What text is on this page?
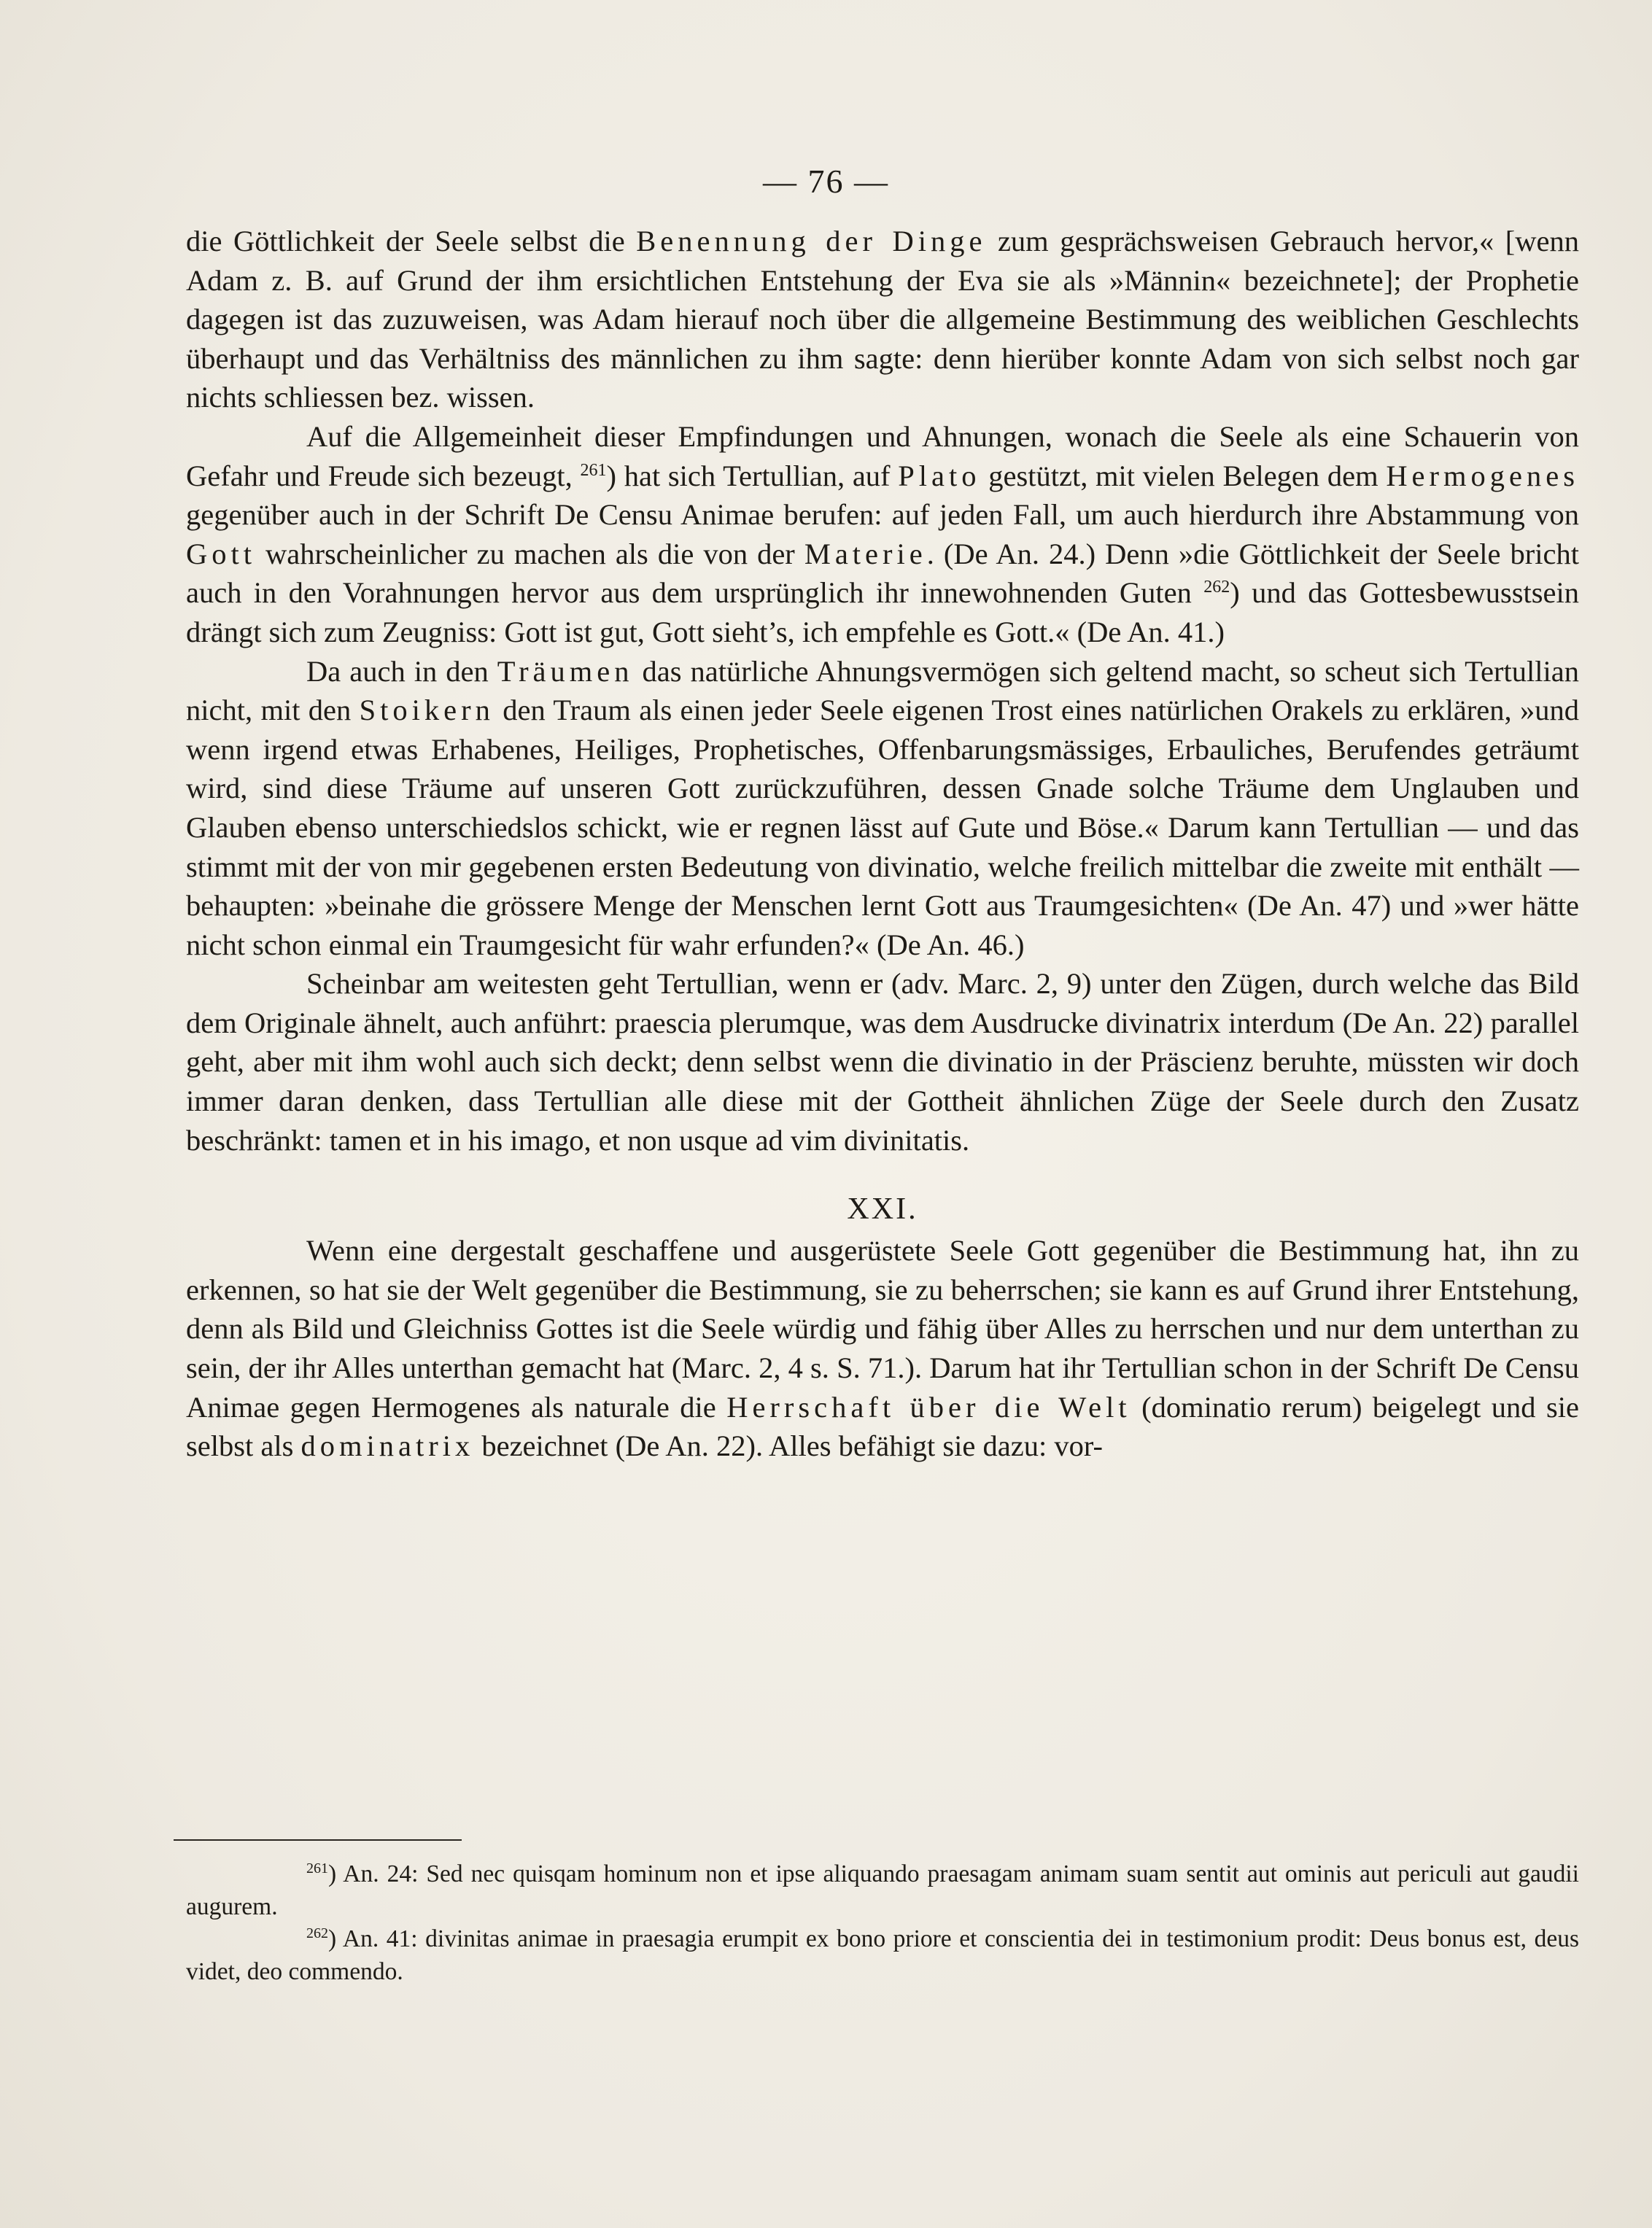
— 76 —

die Göttlichkeit der Seele selbst die Benennung der Dinge zum gesprächsweisen Gebrauch hervor,« [wenn Adam z. B. auf Grund der ihm ersichtlichen Entstehung der Eva sie als »Männin« bezeichnete]; der Prophetie dagegen ist das zuzuweisen, was Adam hierauf noch über die allgemeine Bestimmung des weiblichen Geschlechts überhaupt und das Verhältniss des männlichen zu ihm sagte: denn hierüber konnte Adam von sich selbst noch gar nichts schliessen bez. wissen.

Auf die Allgemeinheit dieser Empfindungen und Ahnungen, wonach die Seele als eine Schauerin von Gefahr und Freude sich bezeugt, $^{261}$) hat sich Tertullian, auf Plato gestützt, mit vielen Belegen dem Hermogenes gegenüber auch in der Schrift De Censu Animae berufen: auf jeden Fall, um auch hierdurch ihre Abstammung von Gott wahrscheinlicher zu machen als die von der Materie. (De An. 24.) Denn »die Göttlichkeit der Seele bricht auch in den Vorahnungen hervor aus dem ursprünglich ihr innewohnenden Guten $^{262}$) und das Gottesbewusstsein drängt sich zum Zeugniss: Gott ist gut, Gott sieht’s, ich empfehle es Gott.« (De An. 41.)

Da auch in den Träumen das natürliche Ahnungsvermögen sich geltend macht, so scheut sich Tertullian nicht, mit den Stoikern den Traum als einen jeder Seele eigenen Trost eines natürlichen Orakels zu erklären, »und wenn irgend etwas Erhabenes, Heiliges, Prophetisches, Offenbarungsmässiges, Erbauliches, Berufendes geträumt wird, sind diese Träume auf unseren Gott zurückzuführen, dessen Gnade solche Träume dem Unglauben und Glauben ebenso unterschiedslos schickt, wie er regnen lässt auf Gute und Böse.« Darum kann Tertullian — und das stimmt mit der von mir gegebenen ersten Bedeutung von divinatio, welche freilich mittelbar die zweite mit enthält — behaupten: »beinahe die grössere Menge der Menschen lernt Gott aus Traumgesichten« (De An. 47) und »wer hätte nicht schon einmal ein Traumgesicht für wahr erfunden?« (De An. 46.)

Scheinbar am weitesten geht Tertullian, wenn er (adv. Marc. 2, 9) unter den Zügen, durch welche das Bild dem Originale ähnelt, auch anführt: praescia plerumque, was dem Ausdrucke divinatrix interdum (De An. 22) parallel geht, aber mit ihm wohl auch sich deckt; denn selbst wenn die divinatio in der Präscienz beruhte, müssten wir doch immer daran denken, dass Tertullian alle diese mit der Gottheit ähnlichen Züge der Seele durch den Zusatz beschränkt: tamen et in his imago, et non usque ad vim divinitatis.

XXI.

Wenn eine dergestalt geschaffene und ausgerüstete Seele Gott gegenüber die Bestimmung hat, ihn zu erkennen, so hat sie der Welt gegenüber die Bestimmung, sie zu beherrschen; sie kann es auf Grund ihrer Entstehung, denn als Bild und Gleichniss Gottes ist die Seele würdig und fähig über Alles zu herrschen und nur dem unterthan zu sein, der ihr Alles unterthan gemacht hat (Marc. 2, 4 s. S. 71.). Darum hat ihr Tertullian schon in der Schrift De Censu Animae gegen Hermogenes als naturale die Herrschaft über die Welt (dominatio rerum) beigelegt und sie selbst als dominatrix bezeichnet (De An. 22). Alles befähigt sie dazu: vor-

$^{261}$) An. 24: Sed nec quisqam hominum non et ipse aliquando praesagam animam suam sentit aut ominis aut periculi aut gaudii augurem.

$^{262}$) An. 41: divinitas animae in praesagia erumpit ex bono priore et conscientia dei in testimonium prodit: Deus bonus est, deus videt, deo commendo.
